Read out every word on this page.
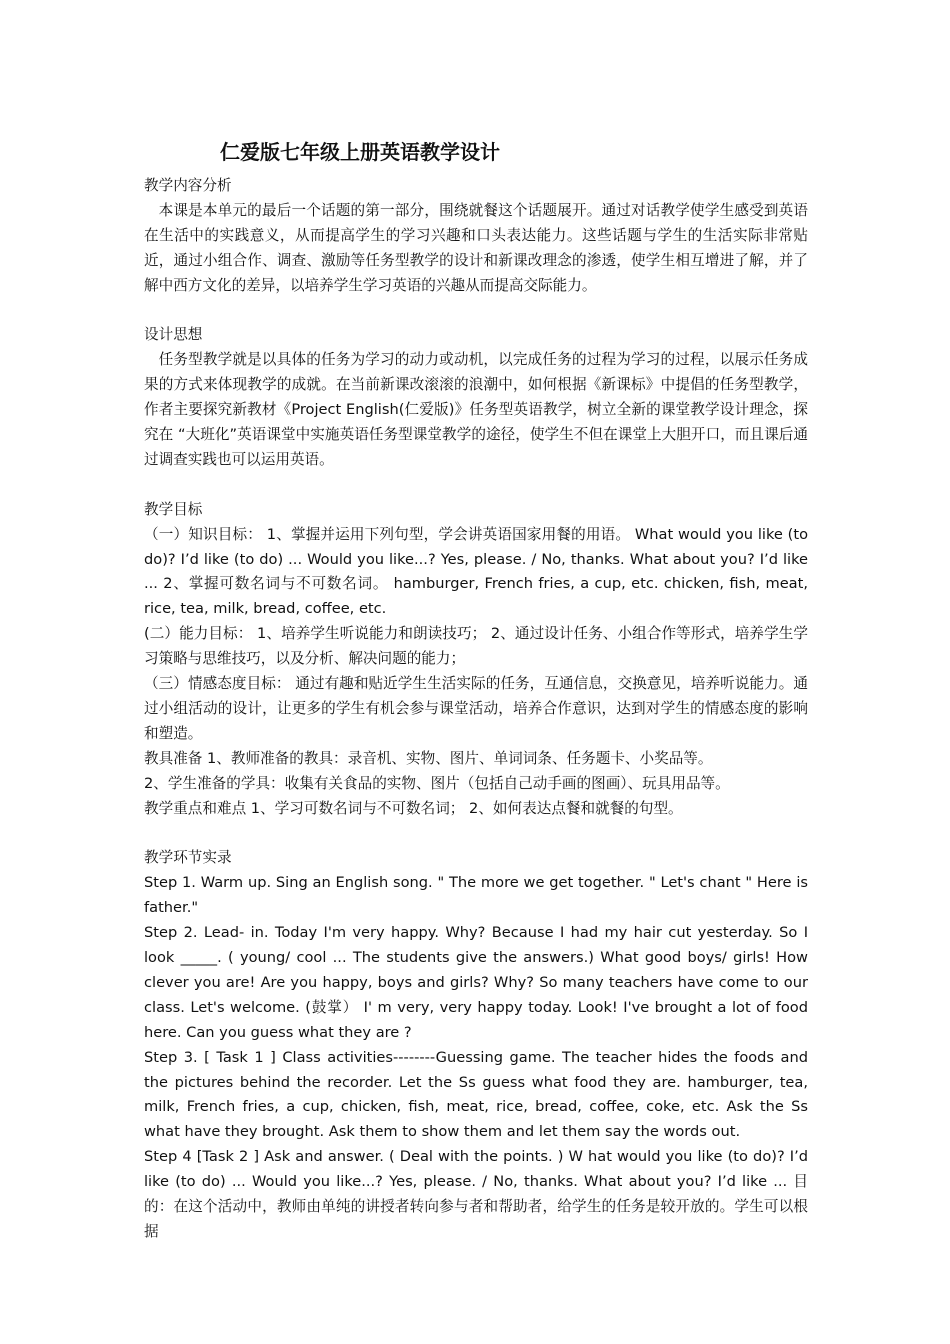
仁爱版七年级上册英语教学设计

教学内容分析

本课是本单元的最后一个话题的第一部分，围绕就餐这个话题展开。通过对话教学使学生感受到英语在生活中的实践意义，从而提高学生的学习兴趣和口头表达能力。这些话题与学生的生活实际非常贴近，通过小组合作、调查、激励等任务型教学的设计和新课改理念的渗透，使学生相互增进了解，并了解中西方文化的差异，以培养学生学习英语的兴趣从而提高交际能力。

设计思想

任务型教学就是以具体的任务为学习的动力或动机，以完成任务的过程为学习的过程，以展示任务成果的方式来体现教学的成就。在当前新课改滚滚的浪潮中，如何根据《新课标》中提倡的任务型教学，作者主要探究新教材《Project English(仁爱版)》任务型英语教学，树立全新的课堂教学设计理念，探究在 “大班化”英语课堂中实施英语任务型课堂教学的途径，使学生不但在课堂上大胆开口，而且课后通过调查实践也可以运用英语。

教学目标

（一）知识目标： 1、掌握并运用下列句型，学会讲英语国家用餐的用语。 What would you like (to do)? I’d like (to do) ... Would you like...? Yes, please. / No, thanks. What about you? I’d like ... 2、掌握可数名词与不可数名词。 hamburger, French fries, a cup, etc. chicken, fish, meat, rice, tea, milk, bread, coffee, etc.

(二）能力目标： 1、培养学生听说能力和朗读技巧； 2、通过设计任务、小组合作等形式，培养学生学习策略与思维技巧，以及分析、解决问题的能力；

（三）情感态度目标： 通过有趣和贴近学生生活实际的任务，互通信息，交换意见，培养听说能力。通过小组活动的设计，让更多的学生有机会参与课堂活动，培养合作意识，达到对学生的情感态度的影响和塑造。

教具准备 1、教师准备的教具：录音机、实物、图片、单词词条、任务题卡、小奖品等。

2、学生准备的学具：收集有关食品的实物、图片（包括自己动手画的图画）、玩具用品等。

教学重点和难点 1、学习可数名词与不可数名词； 2、如何表达点餐和就餐的句型。

教学环节实录

Step 1. Warm up. Sing an English song. " The more we get together. " Let's chant " Here is father."

Step 2. Lead- in. Today I'm very happy. Why? Because I had my hair cut yesterday. So I look _____. ( young/ cool ... The students give the answers.) What good boys/ girls! How clever you are! Are you happy, boys and girls? Why? So many teachers have come to our class. Let's welcome. (鼓掌） I' m very, very happy today. Look! I've brought a lot of food here. Can you guess what they are ?

Step 3. [ Task 1 ] Class activities--------Guessing game. The teacher hides the foods and the pictures behind the recorder. Let the Ss guess what food they are. hamburger, tea, milk, French fries, a cup, chicken, fish, meat, rice, bread, coffee, coke, etc. Ask the Ss what have they brought. Ask them to show them and let them say the words out.

Step 4 [Task 2 ] Ask and answer. ( Deal with the points. ) W hat would you like (to do)? I’d like (to do) ... Would you like...? Yes, please. / No, thanks. What about you? I’d like ... 目的：在这个活动中，教师由单纯的讲授者转向参与者和帮助者，给学生的任务是较开放的。学生可以根据
